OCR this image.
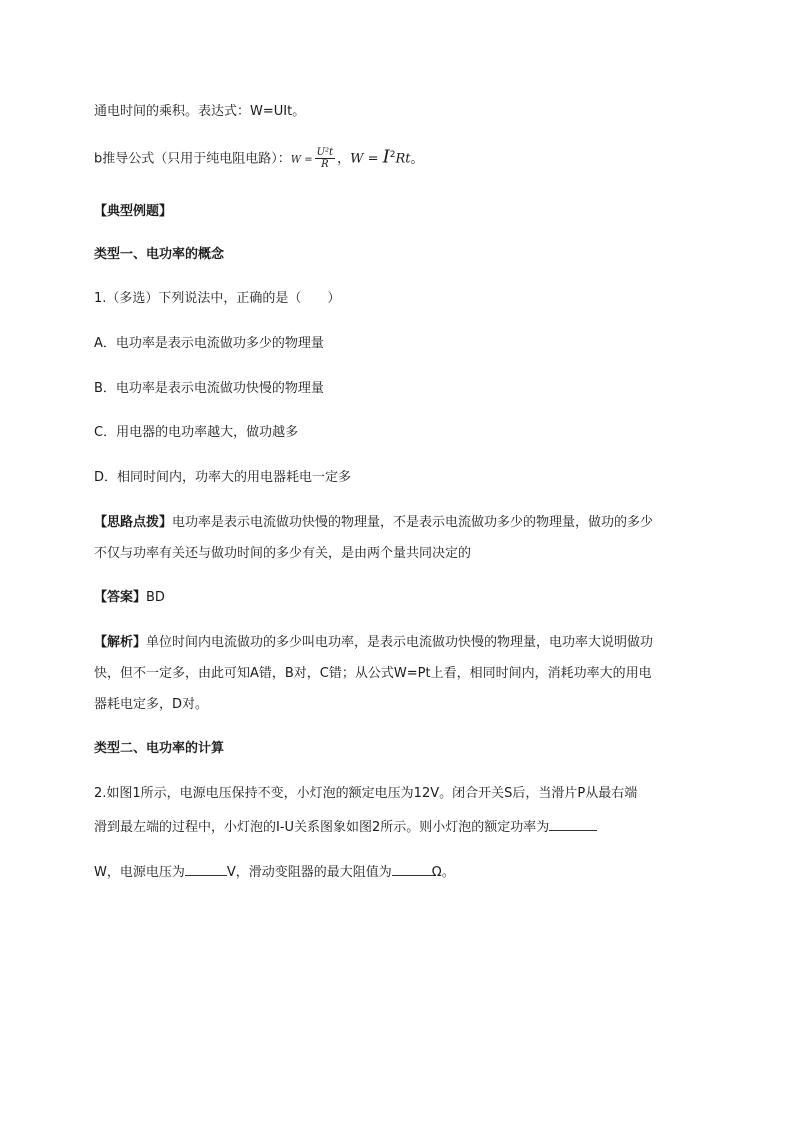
通电时间的乘积。表达式：W=UIt。
b推导公式（只用于纯电阻电路）：$W = \frac{\text{U²t}}{R}$ ，$W = I^2Rt$。
【典型例题】
类型一、电功率的概念
1.（多选）下列说法中，正确的是（　　）
A．电功率是表示电流做功多少的物理量
B．电功率是表示电流做功快慢的物理量
C．用电器的电功率越大，做功越多
D．相同时间内，功率大的用电器耗电一定多
【思路点拨】电功率是表示电流做功快慢的物理量，不是表示电流做功多少的物理量，做功的多少
不仅与功率有关还与做功时间的多少有关，是由两个量共同决定的
【答案】BD
【解析】单位时间内电流做功的多少叫电功率，是表示电流做功快慢的物理量，电功率大说明做功
快，但不一定多，由此可知A错，B对，C错；从公式W=Pt上看，相同时间内，消耗功率大的用电
器耗电定多，D对。
类型二、电功率的计算
2.如图1所示，电源电压保持不变，小灯泡的额定电压为12V。闭合开关S后，当滑片P从最右端
滑到最左端的过程中，小灯泡的I-U关系图象如图2所示。则小灯泡的额定功率为
W，电源电压为	V，滑动变阻器的最大阻值为	Ω。
